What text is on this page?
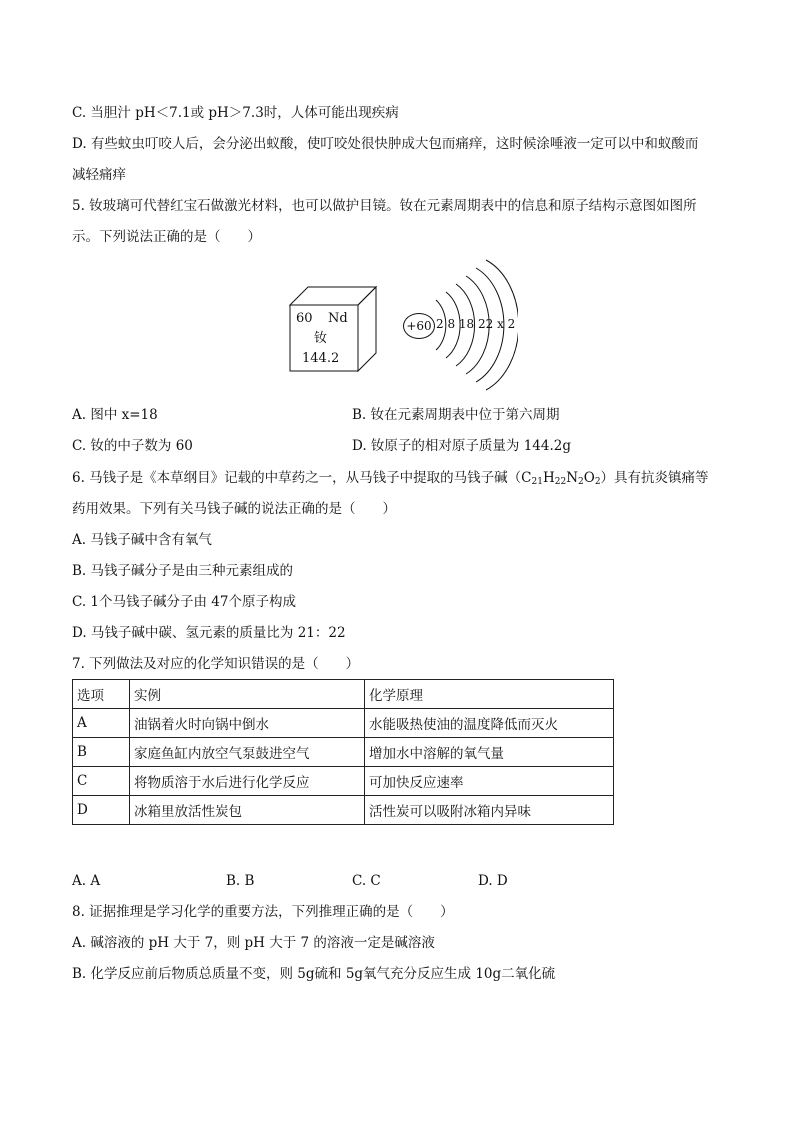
C. 当胆汁 pH＜7.1或 pH＞7.3时，人体可能出现疾病
D. 有些蚊虫叮咬人后，会分泌出蚁酸，使叮咬处很快肿成大包而痛痒，这时候涂唾液一定可以中和蚁酸而
减轻痛痒
5. 钕玻璃可代替红宝石做激光材料，也可以做护目镜。钕在元素周期表中的信息和原子结构示意图如图所
示。下列说法正确的是（　　）
60 Nd
钕
144.2
+60 2 8 18 22 x 2
A. 图中 x=18	B. 钕在元素周期表中位于第六周期
C. 钕的中子数为 60	D. 钕原子的相对原子质量为 144.2g
6. 马钱子是《本草纲目》记载的中草药之一，从马钱子中提取的马钱子碱$(C_{21}H_{22}N_2O_2)$具有抗炎镇痛等
药用效果。下列有关马钱子碱的说法正确的是（　　）
A. 马钱子碱中含有氧气
B. 马钱子碱分子是由三种元素组成的
C. 1个马钱子碱分子由 47个原子构成
D. 马钱子碱中碳、氢元素的质量比为 21：22
7. 下列做法及对应的化学知识错误的是（　　）
选项	实例	化学原理
A	油锅着火时向锅中倒水	水能吸热使油的温度降低而灭火
B	家庭鱼缸内放空气泵鼓进空气	增加水中溶解的氧气量
C	将物质溶于水后进行化学反应	可加快反应速率
D	冰箱里放活性炭包	活性炭可以吸附冰箱内异味
A. A	B. B	C. C	D. D
8. 证据推理是学习化学的重要方法，下列推理正确的是（　　）
A. 碱溶液的 pH 大于 7，则 pH 大于 7 的溶液一定是碱溶液
B. 化学反应前后物质总质量不变，则 5g硫和 5g氧气充分反应生成 10g二氧化硫
